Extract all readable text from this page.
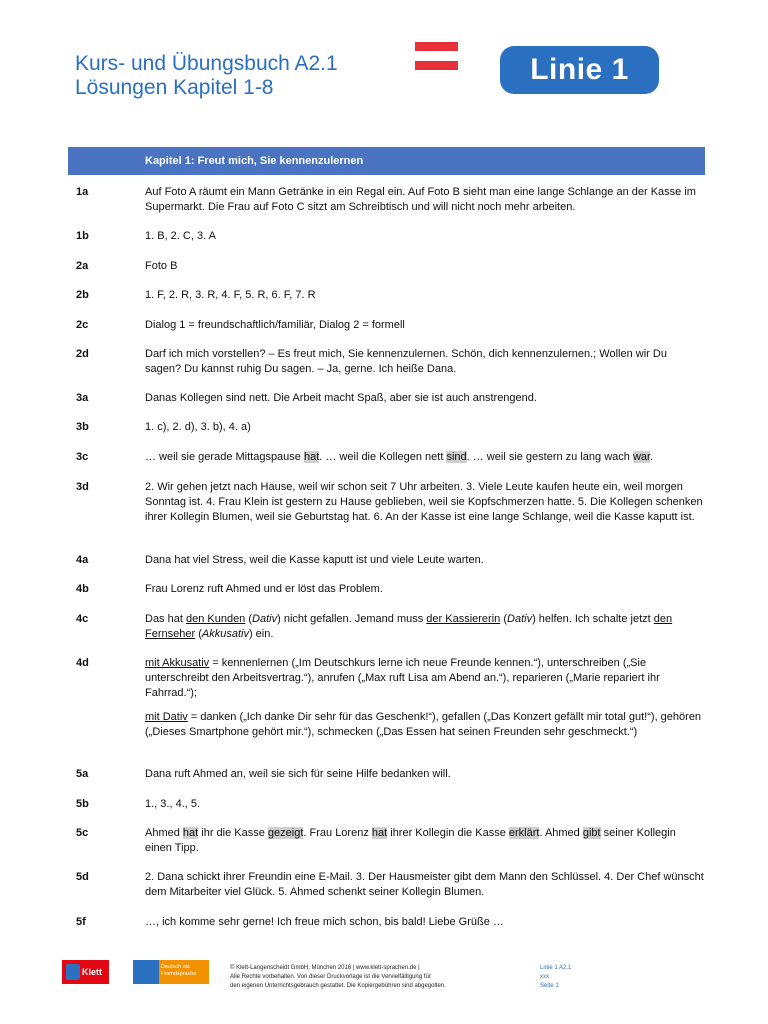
Kurs- und Übungsbuch A2.1
Lösungen Kapitel 1-8
Linie 1
Kapitel 1: Freut mich, Sie kennenzulernen
1a	Auf Foto A räumt ein Mann Getränke in ein Regal ein. Auf Foto B sieht man eine lange Schlange an der Kasse im Supermarkt. Die Frau auf Foto C sitzt am Schreibtisch und will nicht noch mehr arbeiten.
1b	1. B, 2. C, 3. A
2a	Foto B
2b	1. F, 2. R, 3. R, 4. F, 5. R, 6. F, 7. R
2c	Dialog 1 = freundschaftlich/familiär, Dialog 2 = formell
2d	Darf ich mich vorstellen? – Es freut mich, Sie kennenzulernen. Schön, dich kennenzulernen.; Wollen wir Du sagen? Du kannst ruhig Du sagen. – Ja, gerne. Ich heiße Dana.
3a	Danas Kollegen sind nett. Die Arbeit macht Spaß, aber sie ist auch anstrengend.
3b	1. c), 2. d), 3. b), 4. a)
3c	… weil sie gerade Mittagspause hat. … weil die Kollegen nett sind. … weil sie gestern zu lang wach war.
3d	2. Wir gehen jetzt nach Hause, weil wir schon seit 7 Uhr arbeiten. 3. Viele Leute kaufen heute ein, weil morgen Sonntag ist. 4. Frau Klein ist gestern zu Hause geblieben, weil sie Kopfschmerzen hatte. 5. Die Kollegen schenken ihrer Kollegin Blumen, weil sie Geburtstag hat. 6. An der Kasse ist eine lange Schlange, weil die Kasse kaputt ist.
4a	Dana hat viel Stress, weil die Kasse kaputt ist und viele Leute warten.
4b	Frau Lorenz ruft Ahmed und er löst das Problem.
4c	Das hat den Kunden (Dativ) nicht gefallen. Jemand muss der Kassiererin (Dativ) helfen. Ich schalte jetzt den Fernseher (Akkusativ) ein.
4d	mit Akkusativ = kennenlernen („Im Deutschkurs lerne ich neue Freunde kennen.“), unterschreiben („Sie unterschreibt den Arbeitsvertrag.“), anrufen („Max ruft Lisa am Abend an.“), reparieren („Marie repariert ihr Fahrrad.“);
mit Dativ = danken („Ich danke Dir sehr für das Geschenk!“), gefallen („Das Konzert gefällt mir total gut!“), gehören („Dieses Smartphone gehört mir.“), schmecken („Das Essen hat seinen Freunden sehr geschmeckt.“)
5a	Dana ruft Ahmed an, weil sie sich für seine Hilfe bedanken will.
5b	1., 3., 4., 5.
5c	Ahmed hat ihr die Kasse gezeigt. Frau Lorenz hat ihrer Kollegin die Kasse erklärt. Ahmed gibt seiner Kollegin einen Tipp.
5d	2. Dana schickt ihrer Freundin eine E-Mail. 3. Der Hausmeister gibt dem Mann den Schlüssel. 4. Der Chef wünscht dem Mitarbeiter viel Glück. 5. Ahmed schenkt seiner Kollegin Blumen.
5f	…, ich komme sehr gerne! Ich freue mich schon, bis bald! Liebe Grüße …
Klett	Deutsch als Fremdsprache
© Klett-Langenscheidt GmbH, München 2016 | www.klett-sprachen.de |
Alle Rechte vorbehalten. Von dieser Druckvorlage ist die Vervielfältigung für
den eigenen Unterrichtsgebrauch gestattet. Die Kopiergebühren sind abgegolten.
Linie 1 A2.1
xxx
Seite 1
